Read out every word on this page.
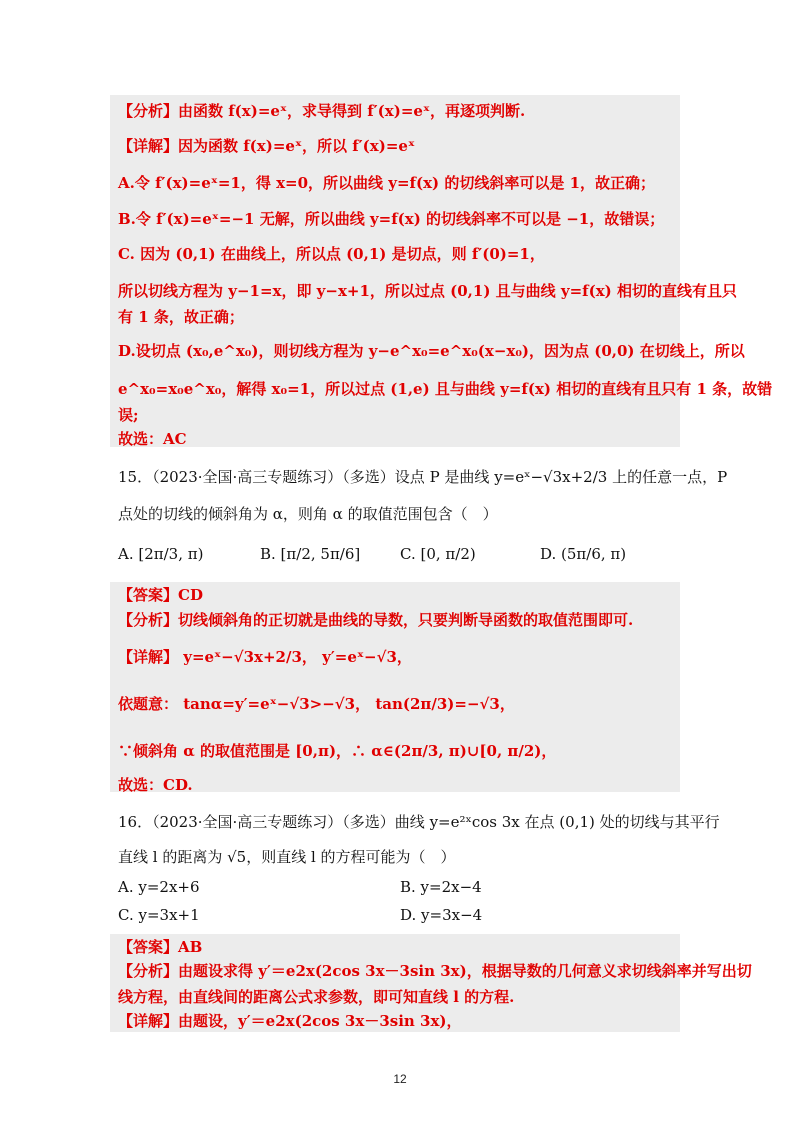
【分析】由函数 f(x)=eˣ，求导得到 f′(x)=eˣ，再逐项判断.
【详解】因为函数 f(x)=eˣ，所以 f′(x)=eˣ
A.令 f′(x)=eˣ=1，得 x=0，所以曲线 y=f(x) 的切线斜率可以是 1，故正确；
B.令 f′(x)=eˣ=−1 无解，所以曲线 y=f(x) 的切线斜率不可以是 −1，故错误；
C. 因为 (0,1) 在曲线上，所以点 (0,1) 是切点，则 f′(0)=1，
所以切线方程为 y−1=x，即 y−x+1，所以过点 (0,1) 且与曲线 y=f(x) 相切的直线有且只
有 1 条，故正确；
D.设切点 (x₀,e^x₀)，则切线方程为 y−e^x₀=e^x₀(x−x₀)，因为点 (0,0) 在切线上，所以
e^x₀=x₀e^x₀，解得 x₀=1，所以过点 (1,e) 且与曲线 y=f(x) 相切的直线有且只有 1 条，故错
误;
故选：AC
15．（2023·全国·高三专题练习）（多选）设点 P 是曲线 y=eˣ−√3x+2/3 上的任意一点，P
点处的切线的倾斜角为 α，则角 α 的取值范围包含（　）
A. [2π/3, π)	B. [π/2, 5π/6]	C. [0, π/2)	D. (5π/6, π)
【答案】CD
【分析】切线倾斜角的正切就是曲线的导数，只要判断导函数的取值范围即可.
【详解】 y=eˣ−√3x+2/3， y′=eˣ−√3，
依题意： tanα=y′=eˣ−√3>−√3， tan(2π/3)=−√3，
∵倾斜角 α 的取值范围是 [0,π)，∴ α∈(2π/3, π)∪[0, π/2)，
故选：CD.
16．（2023·全国·高三专题练习）（多选）曲线 y=e²ˣcos 3x 在点 (0,1) 处的切线与其平行
直线 l 的距离为 √5，则直线 l 的方程可能为（　）
A. y=2x+6	B. y=2x−4
C. y=3x+1	D. y=3x−4
【答案】AB
【分析】由题设求得 y′＝e2x(2cos 3x－3sin 3x)，根据导数的几何意义求切线斜率并写出切
线方程，由直线间的距离公式求参数，即可知直线 l 的方程.
【详解】由题设，y′＝e2x(2cos 3x－3sin 3x)，
12
